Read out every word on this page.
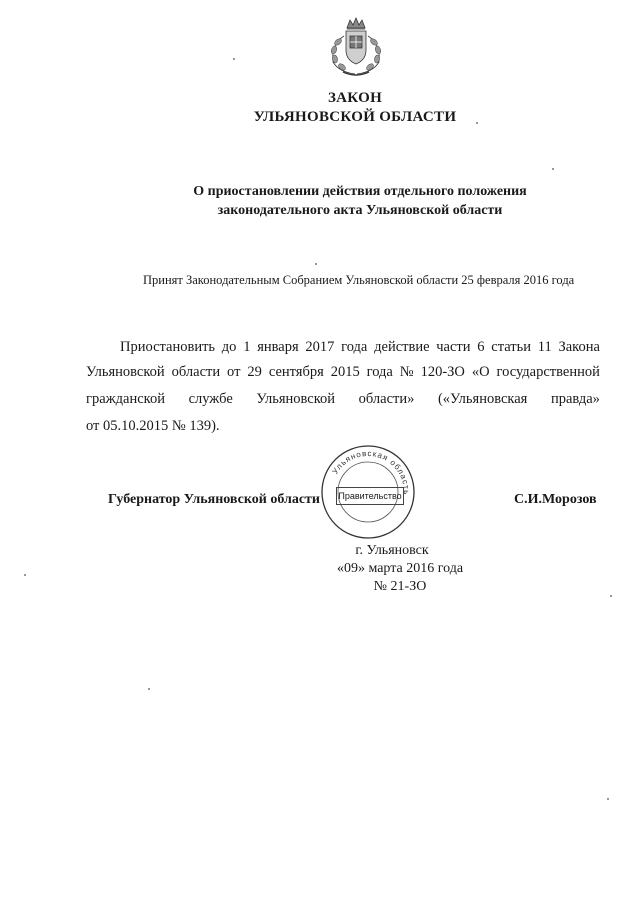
ЗАКОН
УЛЬЯНОВСКОЙ ОБЛАСТИ
О приостановлении действия отдельного положения
законодательного акта Ульяновской области
Принят Законодательным Собранием Ульяновской области 25 февраля 2016 года
Приостановить до 1 января 2017 года действие части 6 статьи 11 Закона
Ульяновской области от 29 сентября 2015 года № 120-ЗО «О государственной
гражданской службе Ульяновской области» («Ульяновская правда»
от 05.10.2015 № 139).
Губернатор Ульяновской области
Ульяновская область
Правительство	С.И.Морозов
г. Ульяновск
«09» марта 2016 года
№ 21-ЗО
